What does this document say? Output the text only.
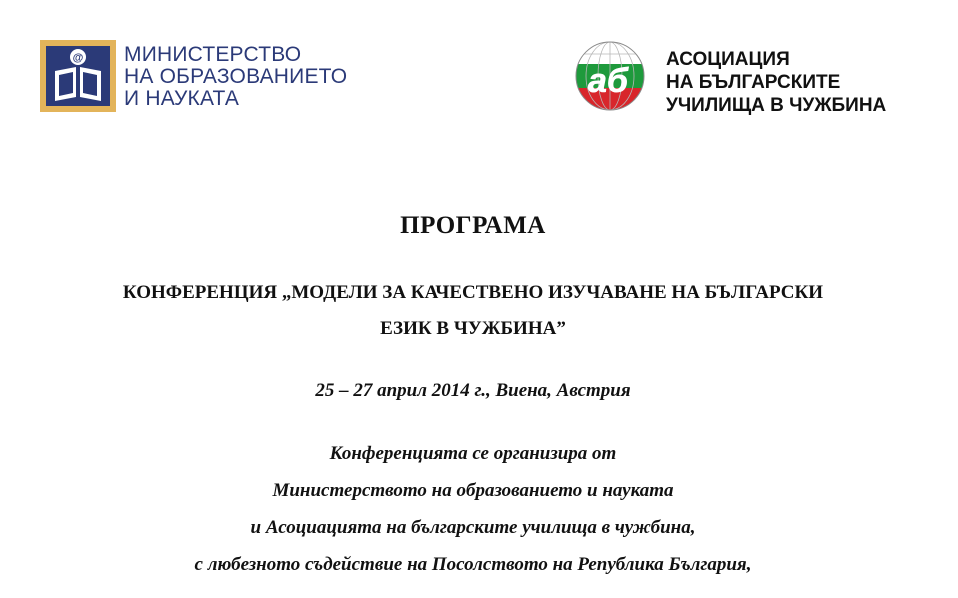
@ МИНИСТЕРСТВО
НА ОБРАЗОВАНИЕТО
И НАУКАТА	аб
АСОЦИАЦИЯ
НА БЪЛГАРСКИТЕ
УЧИЛИЩА В ЧУЖБИНА
ПРОГРАМА
КОНФЕРЕНЦИЯ „МОДЕЛИ ЗА КАЧЕСТВЕНО ИЗУЧАВАНЕ НА БЪЛГАРСКИ
ЕЗИК В ЧУЖБИНА”
25 – 27 април 2014 г., Виена, Австрия
Конференцията се организира от
Министерството на образованието и науката
и Асоциацията на българските училища в чужбина,
с любезното съдействие на Посолството на Република България,
